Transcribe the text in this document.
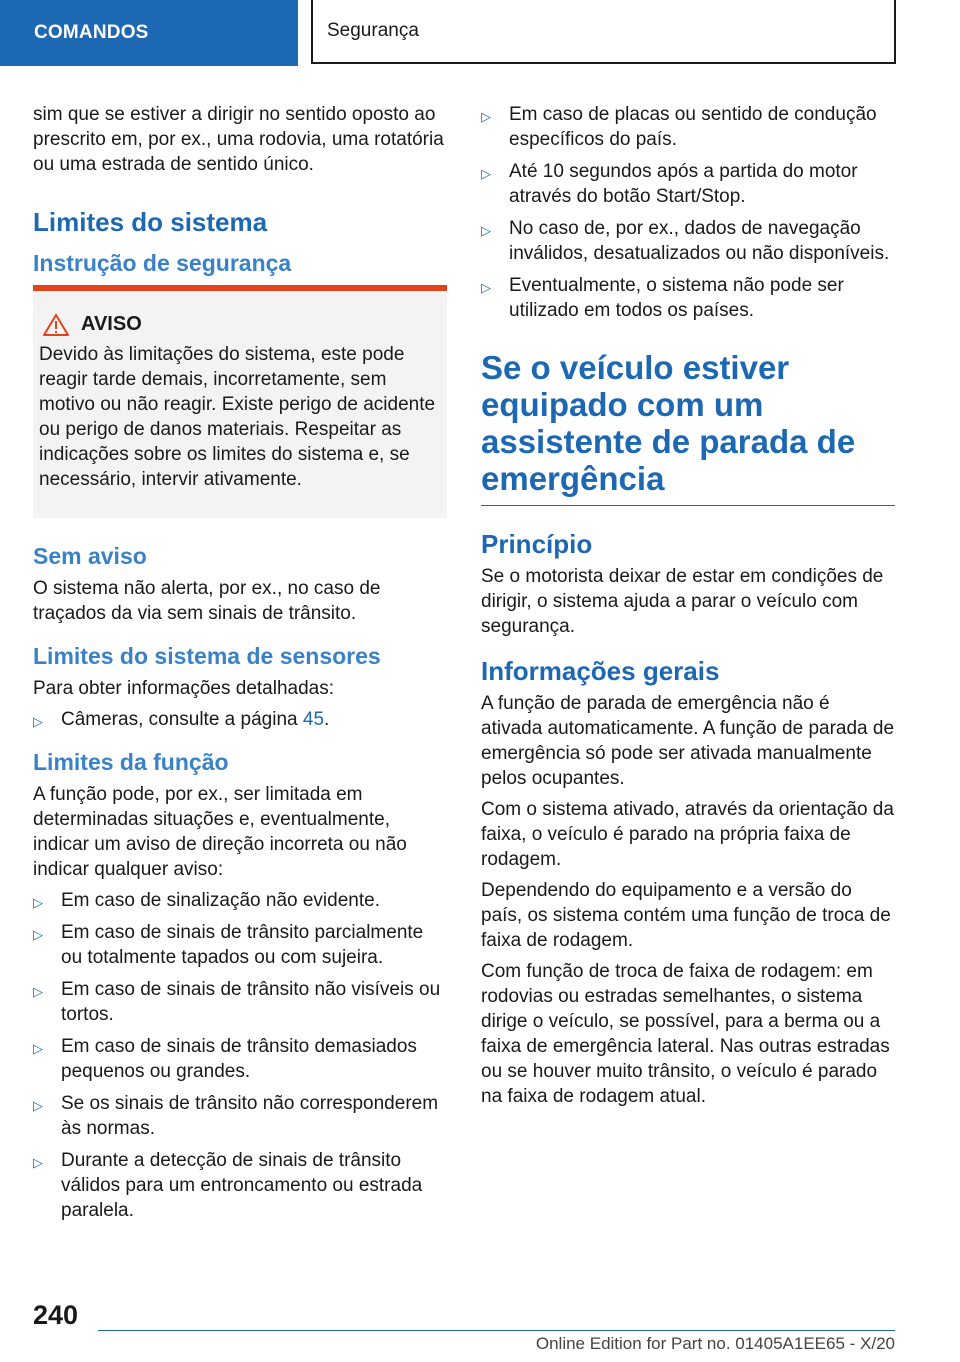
COMANDOS	Segurança

sim que se estiver a dirigir no sentido oposto ao prescrito em, por ex., uma rodovia, uma rotatória ou uma estrada de sentido único.

Limites do sistema
Instrução de segurança
AVISO

Devido às limitações do sistema, este pode reagir tarde demais, incorretamente, sem motivo ou não reagir. Existe perigo de acidente ou perigo de danos materiais. Respeitar as indicações sobre os limites do sistema e, se necessário, intervir ativamente.

Sem aviso

O sistema não alerta, por ex., no caso de traçados da via sem sinais de trânsito.

Limites do sistema de sensores

Para obter informações detalhadas:

▷ Câmeras, consulte a página 45.
Limites da função

A função pode, por ex., ser limitada em determinadas situações e, eventualmente, indicar um aviso de direção incorreta ou não indicar qualquer aviso:

▷ Em caso de sinalização não evidente.
▷ Em caso de sinais de trânsito parcialmente ou totalmente tapados ou com sujeira.
▷ Em caso de sinais de trânsito não visíveis ou tortos.
▷ Em caso de sinais de trânsito demasiados pequenos ou grandes.
▷ Se os sinais de trânsito não corresponderem às normas.
▷ Durante a detecção de sinais de trânsito válidos para um entroncamento ou estrada paralela.
▷ Em caso de placas ou sentido de condução específicos do país.
▷ Até 10 segundos após a partida do motor através do botão Start/Stop.
▷ No caso de, por ex., dados de navegação inválidos, desatualizados ou não disponíveis.
▷ Eventualmente, o sistema não pode ser utilizado em todos os países.
Se o veículo estiver equipado com um assistente de parada de emergência
Princípio

Se o motorista deixar de estar em condições de dirigir, o sistema ajuda a parar o veículo com segurança.

Informações gerais

A função de parada de emergência não é ativada automaticamente. A função de parada de emergência só pode ser ativada manualmente pelos ocupantes.

Com o sistema ativado, através da orientação da faixa, o veículo é parado na própria faixa de rodagem.

Dependendo do equipamento e a versão do país, os sistema contém uma função de troca de faixa de rodagem.

Com função de troca de faixa de rodagem: em rodovias ou estradas semelhantes, o sistema dirige o veículo, se possível, para a berma ou a faixa de emergência lateral. Nas outras estradas ou se houver muito trânsito, o veículo é parado na faixa de rodagem atual.

240
Online Edition for Part no. 01405A1EE65 - X/20
